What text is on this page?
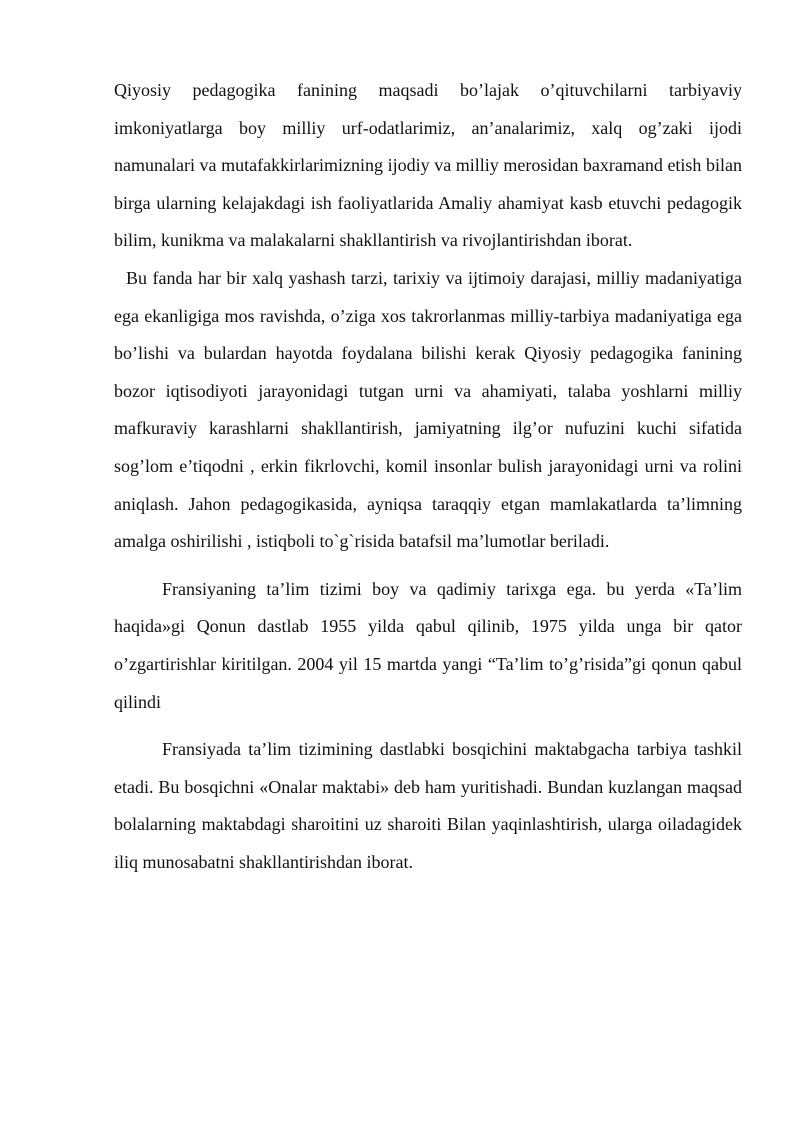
Qiyosiy pedagogika fanining maqsadi bo’lajak o’qituvchilarni tarbiyaviy imkoniyatlarga boy milliy urf-odatlarimiz, an’analarimiz, xalq og’zaki ijodi namunalari va mutafakkirlarimizning ijodiy va milliy merosidan baxramand etish bilan birga ularning kelajakdagi ish faoliyatlarida Amaliy ahamiyat kasb etuvchi pedagogik bilim, kunikma va malakalarni shakllantirish va rivojlantirishdan iborat.

Bu fanda har bir xalq yashash tarzi, tarixiy va ijtimoiy darajasi, milliy madaniyatiga ega ekanligiga mos ravishda, o’ziga xos takrorlanmas milliy-tarbiya madaniyatiga ega bo’lishi va bulardan hayotda foydalana bilishi kerak Qiyosiy pedagogika fanining bozor iqtisodiyoti jarayonidagi tutgan urni va ahamiyati, talaba yoshlarni milliy mafkuraviy karashlarni shakllantirish, jamiyatning ilg’or nufuzini kuchi sifatida sog’lom e’tiqodni , erkin fikrlovchi, komil insonlar bulish jarayonidagi urni va rolini aniqlash. Jahon pedagogikasida, ayniqsa taraqqiy etgan mamlakatlarda ta’limning amalga oshirilishi , istiqboli to`g`risida batafsil ma’lumotlar beriladi.

Fransiyaning ta’lim tizimi boy va qadimiy tarixga ega. bu yerda «Ta’lim haqida»gi Qonun dastlab 1955 yilda qabul qilinib, 1975 yilda unga bir qator o’zgartirishlar kiritilgan. 2004 yil 15 martda yangi “Ta’lim to’g’risida”gi qonun qabul qilindi

Fransiyada ta’lim tizimining dastlabki bosqichini maktabgacha tarbiya tashkil etadi. Bu bosqichni «Onalar maktabi» deb ham yuritishadi. Bundan kuzlangan maqsad bolalarning maktabdagi sharoitini uz sharoiti Bilan yaqinlashtirish, ularga oiladagidek iliq munosabatni shakllantirishdan iborat.
